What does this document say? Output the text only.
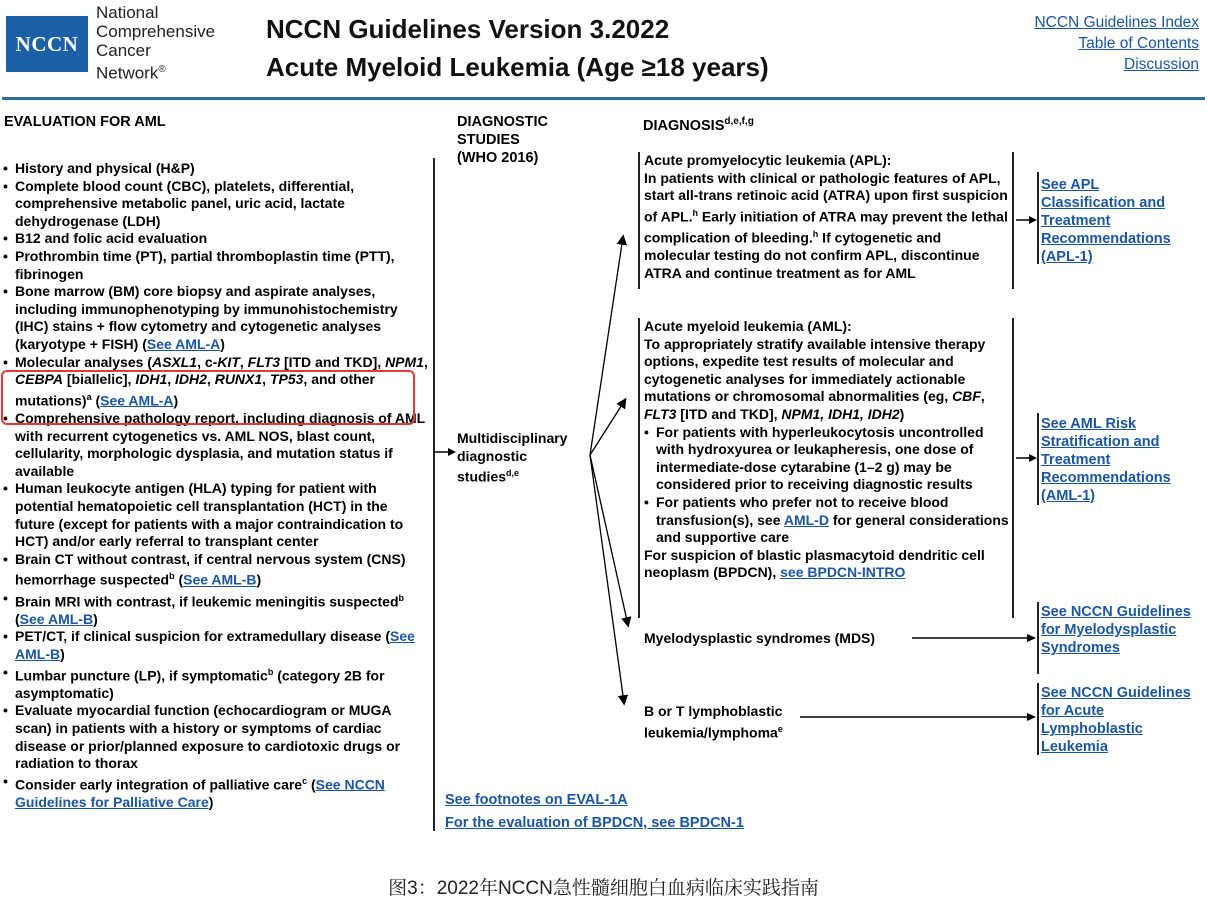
NCCN
National
Comprehensive
Cancer
Network®
NCCN Guidelines Version 3.2022
Acute Myeloid Leukemia (Age ≥18 years)
NCCN Guidelines Index
Table of Contents
Discussion
EVALUATION FOR AML	DIAGNOSTIC
STUDIES
(WHO 2016)
DIAGNOSIS$^{d,e,f,g}$
• History and physical (H&P)
• Complete blood count (CBC), platelets, differential, comprehensive metabolic panel, uric acid, lactate dehydrogenase (LDH)
• B12 and folic acid evaluation
• Prothrombin time (PT), partial thromboplastin time (PTT), fibrinogen
• Bone marrow (BM) core biopsy and aspirate analyses, including immunophenotyping by immunohistochemistry (IHC) stains + flow cytometry and cytogenetic analyses (karyotype + FISH) (See AML-A)
• Molecular analyses (ASXL1, c-KIT, FLT3 [ITD and TKD], NPM1, CEBPA [biallelic], IDH1, IDH2, RUNX1, TP53, and other mutations)$^a$ (See AML-A)
• Comprehensive pathology report, including diagnosis of AML with recurrent cytogenetics vs. AML NOS, blast count, cellularity, morphologic dysplasia, and mutation status if available
• Human leukocyte antigen (HLA) typing for patient with potential hematopoietic cell transplantation (HCT) in the future (except for patients with a major contraindication to HCT) and/or early referral to transplant center
• Brain CT without contrast, if central nervous system (CNS) hemorrhage suspected$^b$ (See AML-B)
• Brain MRI with contrast, if leukemic meningitis suspected$^b$ (See AML-B)
• PET/CT, if clinical suspicion for extramedullary disease (See AML-B)
• Lumbar puncture (LP), if symptomatic$^b$ (category 2B for asymptomatic)
• Evaluate myocardial function (echocardiogram or MUGA scan) in patients with a history or symptoms of cardiac disease or prior/planned exposure to cardiotoxic drugs or radiation to thorax
• Consider early integration of palliative care$^c$ (See NCCN Guidelines for Palliative Care)
Multidisciplinary diagnostic studies$^{d,e}$
Acute promyelocytic leukemia (APL):
In patients with clinical or pathologic features of APL, start all-trans retinoic acid (ATRA) upon first suspicion of APL.$^h$ Early initiation of ATRA may prevent the lethal complication of bleeding.$^h$ If cytogenetic and molecular testing do not confirm APL, discontinue ATRA and continue treatment as for AML
See APL Classification and Treatment Recommendations (APL-1)
Acute myeloid leukemia (AML):
To appropriately stratify available intensive therapy options, expedite test results of molecular and cytogenetic analyses for immediately actionable mutations or chromosomal abnormalities (eg, CBF, FLT3 [ITD and TKD], NPM1, IDH1, IDH2)
• For patients with hyperleukocytosis uncontrolled with hydroxyurea or leukapheresis, one dose of intermediate-dose cytarabine (1–2 g) may be considered prior to receiving diagnostic results
• For patients who prefer not to receive blood transfusion(s), see AML-D for general considerations and supportive care
For suspicion of blastic plasmacytoid dendritic cell neoplasm (BPDCN), see BPDCN-INTRO
See AML Risk Stratification and Treatment Recommendations (AML-1)
Myelodysplastic syndromes (MDS)
See NCCN Guidelines for Myelodysplastic Syndromes
B or T lymphoblastic leukemia/lymphoma$^e$
See NCCN Guidelines for Acute Lymphoblastic Leukemia
See footnotes on EVAL-1A
For the evaluation of BPDCN, see BPDCN-1
图3：2022年NCCN急性髓细胞白血病临床实践指南
